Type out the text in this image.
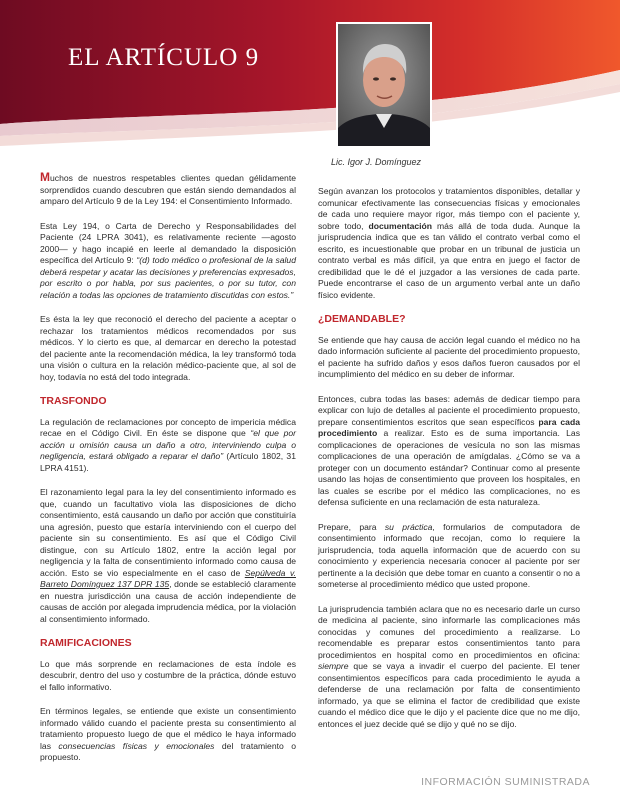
EL ARTÍCULO 9
Lic. Igor J. Domínguez

Muchos de nuestros respetables clientes quedan gélidamente sorprendidos cuando descubren que están siendo demandados al amparo del Artículo 9 de la Ley 194: el Consentimiento Informado.

Esta Ley 194, o Carta de Derecho y Responsabilidades del Paciente (24 LPRA 3041), es relativamente reciente —agosto 2000— y hago incapié en leerle al demandado la disposición específica del Artículo 9: “(d) todo médico o profesional de la salud deberá respetar y acatar las decisiones y preferencias expresados, por escrito o por habla, por sus pacientes, o por su tutor, con relación a todas las opciones de tratamiento discutidas con estos.”

Es ésta la ley que reconoció el derecho del paciente a aceptar o rechazar los tratamientos médicos recomendados por sus médicos. Y lo cierto es que, al demarcar en derecho la potestad del paciente ante la recomendación médica, la ley transformó toda una visión o cultura en la relación médico-paciente que, al sol de hoy, todavía no está del todo integrada.

TRASFONDO

La regulación de reclamaciones por concepto de impericia médica recae en el Código Civil. En éste se dispone que “el que por acción u omisión causa un daño a otro, interviniendo culpa o negligencia, estará obligado a reparar el daño” (Artículo 1802, 31 LPRA 4151).

El razonamiento legal para la ley del consentimiento informado es que, cuando un facultativo viola las disposiciones de dicho consentimiento, está causando un daño por acción que constituiría una agresión, puesto que estaría interviniendo con el cuerpo del paciente sin su consentimiento. Es así que el Código Civil distingue, con su Artículo 1802, entre la acción legal por negligencia y la falta de consentimiento informado como causa de acción. Esto se vio especialmente en el caso de Sepúlveda v. Barreto Domínguez 137 DPR 135, donde se estableció claramente en nuestra jurisdicción una causa de acción independiente de causas de acción por alegada imprudencia médica, por la violación al consentimiento informado.

RAMIFICACIONES

Lo que más sorprende en reclamaciones de esta índole es descubrir, dentro del uso y costumbre de la práctica, dónde estuvo el fallo informativo.

En términos legales, se entiende que existe un consentimiento informado válido cuando el paciente presta su consentimiento al tratamiento propuesto luego de que el médico le haya informado las consecuencias físicas y emocionales del tratamiento o propuesto.

Según avanzan los protocolos y tratamientos disponibles, detallar y comunicar efectivamente las consecuencias físicas y emocionales de cada uno requiere mayor rigor, más tiempo con el paciente y, sobre todo, documentación más allá de toda duda. Aunque la jurisprudencia indica que es tan válido el contrato verbal como el escrito, es incuestionable que probar en un tribunal de justicia un contrato verbal es más difícil, ya que entra en juego el factor de credibilidad que le dé el juzgador a las versiones de cada parte. Puede encontrarse el caso de un argumento verbal ante un daño físico evidente.

¿DEMANDABLE?

Se entiende que hay causa de acción legal cuando el médico no ha dado información suficiente al paciente del procedimiento propuesto, el paciente ha sufrido daños y esos daños fueron causados por el incumplimiento del médico en su deber de informar.

Entonces, cubra todas las bases: además de dedicar tiempo para explicar con lujo de detalles al paciente el procedimiento propuesto, prepare consentimientos escritos que sean específicos para cada procedimiento a realizar. Esto es de suma importancia. Las complicaciones de operaciones de vesícula no son las mismas complicaciones de una operación de amígdalas. ¿Cómo se va a proteger con un documento estándar? Continuar como al presente usando las hojas de consentimiento que proveen los hospitales, en las cuales se escribe por el médico las complicaciones, no es defensa suficiente en una reclamación de esta naturaleza.

Prepare, para su práctica, formularios de computadora de consentimiento informado que recojan, como lo requiere la jurisprudencia, toda aquella información que de acuerdo con su conocimiento y experiencia necesaria conocer al paciente por ser pertinente a la decisión que debe tomar en cuanto a consentir o no a someterse al procedimiento médico que usted propone.

La jurisprudencia también aclara que no es necesario darle un curso de medicina al paciente, sino informarle las complicaciones más conocidas y comunes del procedimiento a realizarse. Lo recomendable es preparar estos consentimientos tanto para procedimientos en hospital como en procedimientos en oficina: siempre que se vaya a invadir el cuerpo del paciente. El tener consentimientos específicos para cada procedimiento le ayuda a defenderse de una reclamación por falta de consentimiento informado, ya que se elimina el factor de credibilidad que existe cuando el médico dice que le dijo y el paciente dice que no me dijo, entonces el juez decide qué se dijo y qué no se dijo.

INFORMACIÓN SUMINISTRADA
